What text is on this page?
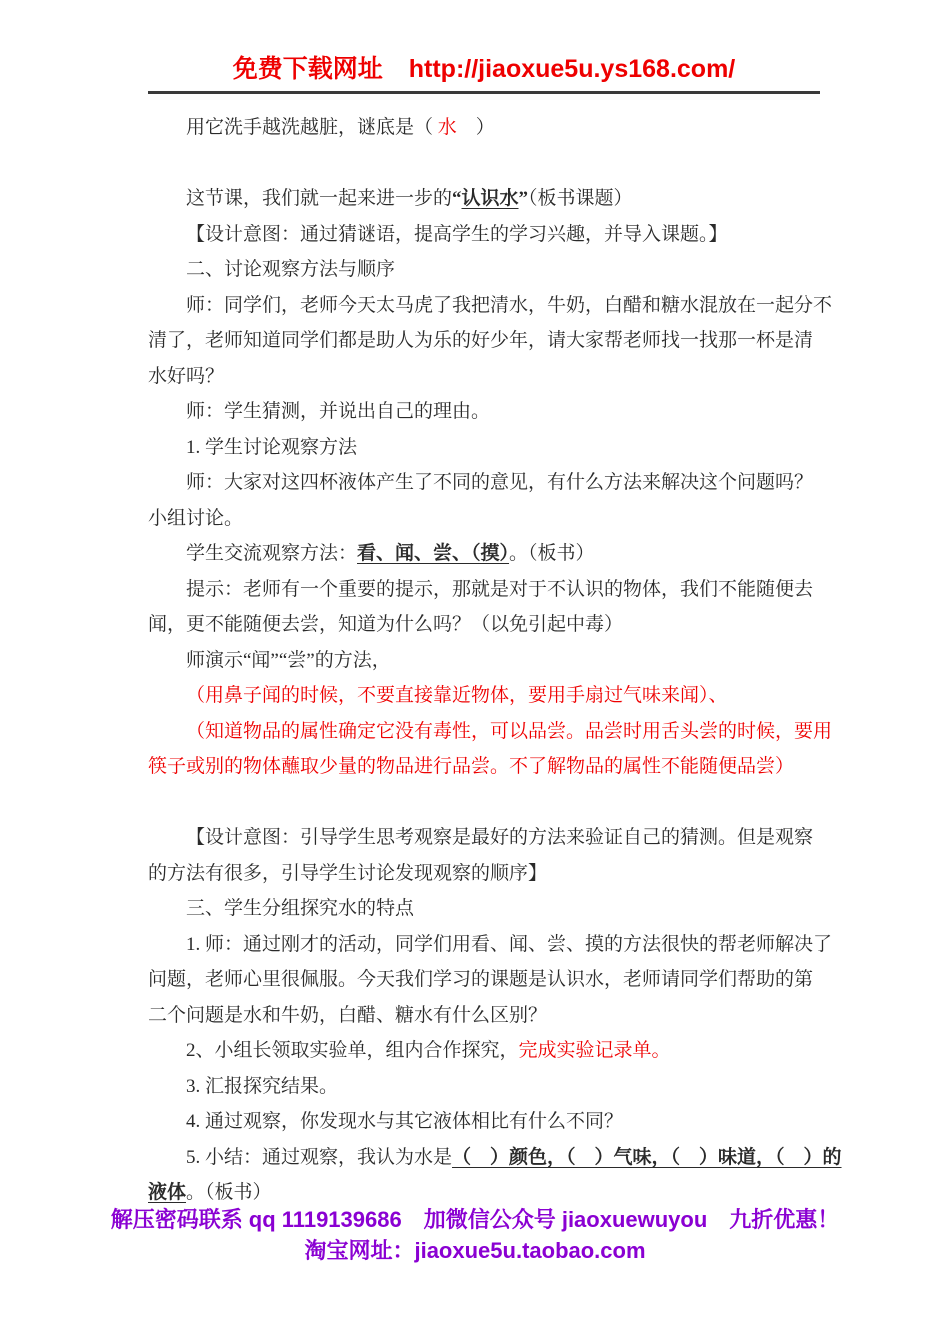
免费下载网址 http://jiaoxue5u.ys168.com/
用它洗手越洗越脏，谜底是（ 水　）

这节课，我们就一起来进一步的“认识水”（板书课题）
【设计意图：通过猜谜语，提高学生的学习兴趣，并导入课题。】
二、讨论观察方法与顺序
师：同学们，老师今天太马虎了我把清水，牛奶，白醋和糖水混放在一起分不
清了，老师知道同学们都是助人为乐的好少年，请大家帮老师找一找那一杯是清
水好吗？
师：学生猜测，并说出自己的理由。
1. 学生讨论观察方法
师：大家对这四杯液体产生了不同的意见，有什么方法来解决这个问题吗？
小组讨论。
学生交流观察方法：看、闻、尝、（摸）。（板书）
提示：老师有一个重要的提示，那就是对于不认识的物体，我们不能随便去
闻，更不能随便去尝，知道为什么吗？（以免引起中毒）
师演示“闻”“尝”的方法，
（用鼻子闻的时候，不要直接靠近物体，要用手扇过气味来闻）、
（知道物品的属性确定它没有毒性，可以品尝。品尝时用舌头尝的时候，要用
筷子或别的物体蘸取少量的物品进行品尝。不了解物品的属性不能随便品尝）

【设计意图：引导学生思考观察是最好的方法来验证自己的猜测。但是观察
的方法有很多，引导学生讨论发现观察的顺序】
三、学生分组探究水的特点
1. 师：通过刚才的活动，同学们用看、闻、尝、摸的方法很快的帮老师解决了
问题，老师心里很佩服。今天我们学习的课题是认识水，老师请同学们帮助的第
二个问题是水和牛奶，白醋、糖水有什么区别？
2、小组长领取实验单，组内合作探究，完成实验记录单。
3. 汇报探究结果。
4. 通过观察，你发现水与其它液体相比有什么不同？
5. 小结：通过观察，我认为水是（　）颜色，（　）气味，（　）味道，（　）的
液体。（板书）
解压密码联系 qq 1119139686　加微信公众号 jiaoxuewuyou　九折优惠！
淘宝网址：jiaoxue5u.taobao.com
